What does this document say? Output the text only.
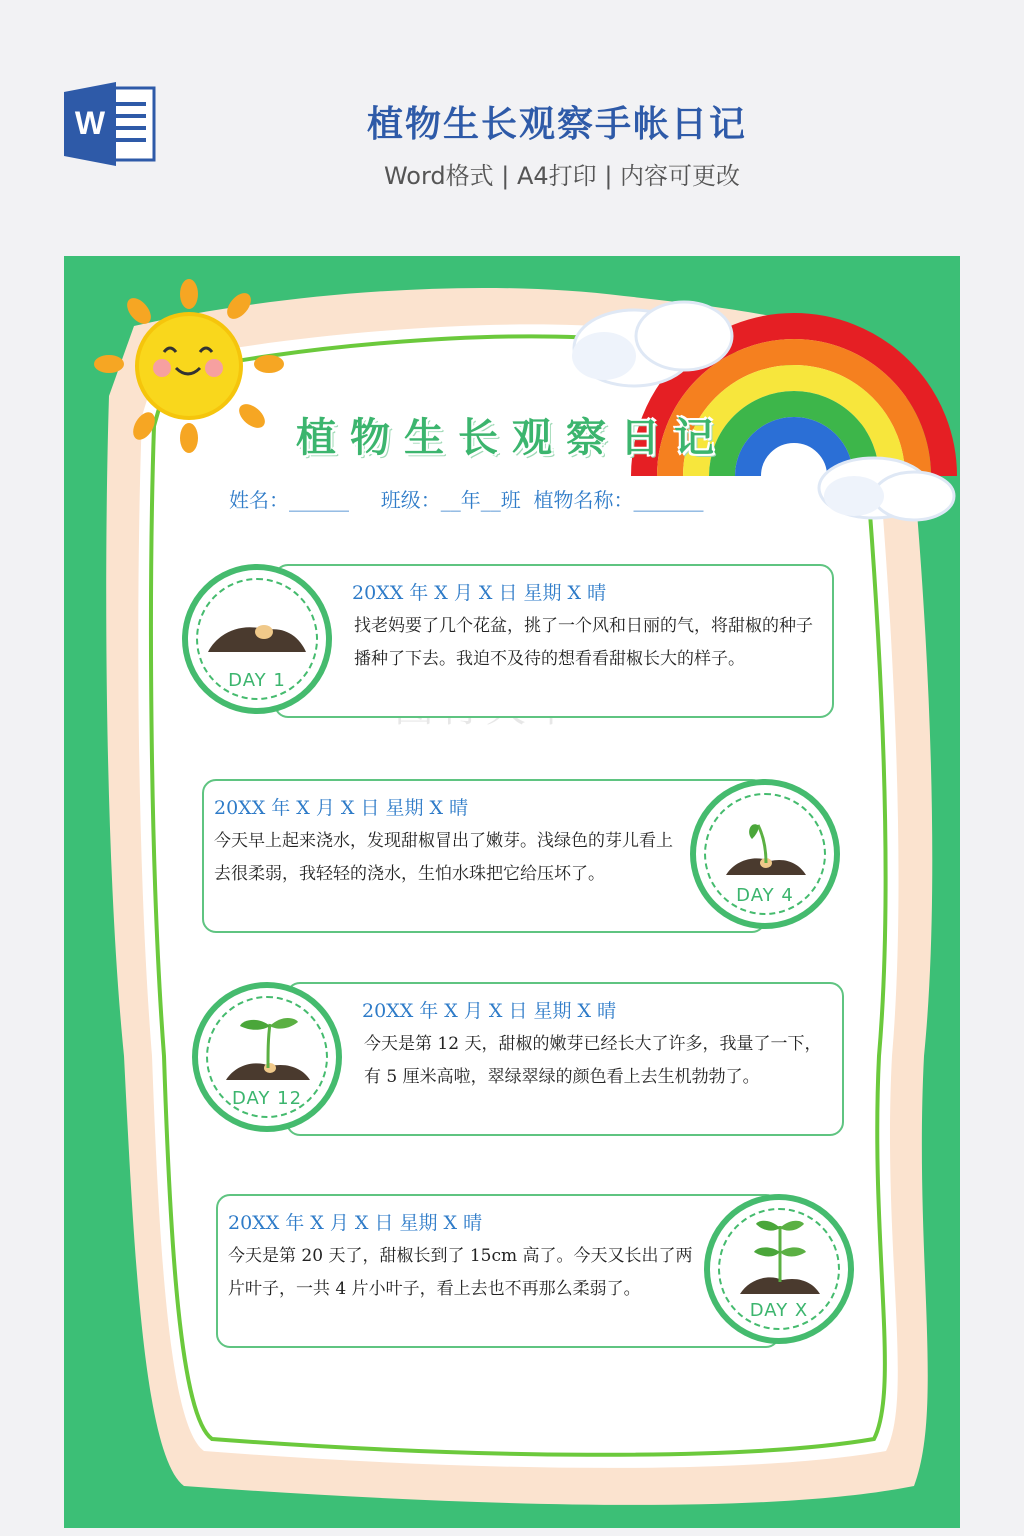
W	植物生长观察手帐日记
Word格式 | A4打印 | 内容可更改
植物生长观察日记
姓名：______ 班级：__年__班 植物名称：_______
20XX 年 X 月 X 日 星期 X 晴
找老妈要了几个花盆，挑了一个风和日丽的气，将甜椒的种子播种了下去。我迫不及待的想看看甜椒长大的样子。
DAY 1
20XX 年 X 月 X 日 星期 X 晴
今天早上起来浇水，发现甜椒冒出了嫩芽。浅绿色的芽儿看上去很柔弱，我轻轻的浇水，生怕水珠把它给压坏了。
DAY 4
20XX 年 X 月 X 日 星期 X 晴
今天是第 12 天，甜椒的嫩芽已经长大了许多，我量了一下，有 5 厘米高啦，翠绿翠绿的颜色看上去生机勃勃了。
DAY 12
20XX 年 X 月 X 日 星期 X 晴
今天是第 20 天了，甜椒长到了 15cm 高了。今天又长出了两片叶子，一共 4 片小叶子，看上去也不再那么柔弱了。
DAY X
